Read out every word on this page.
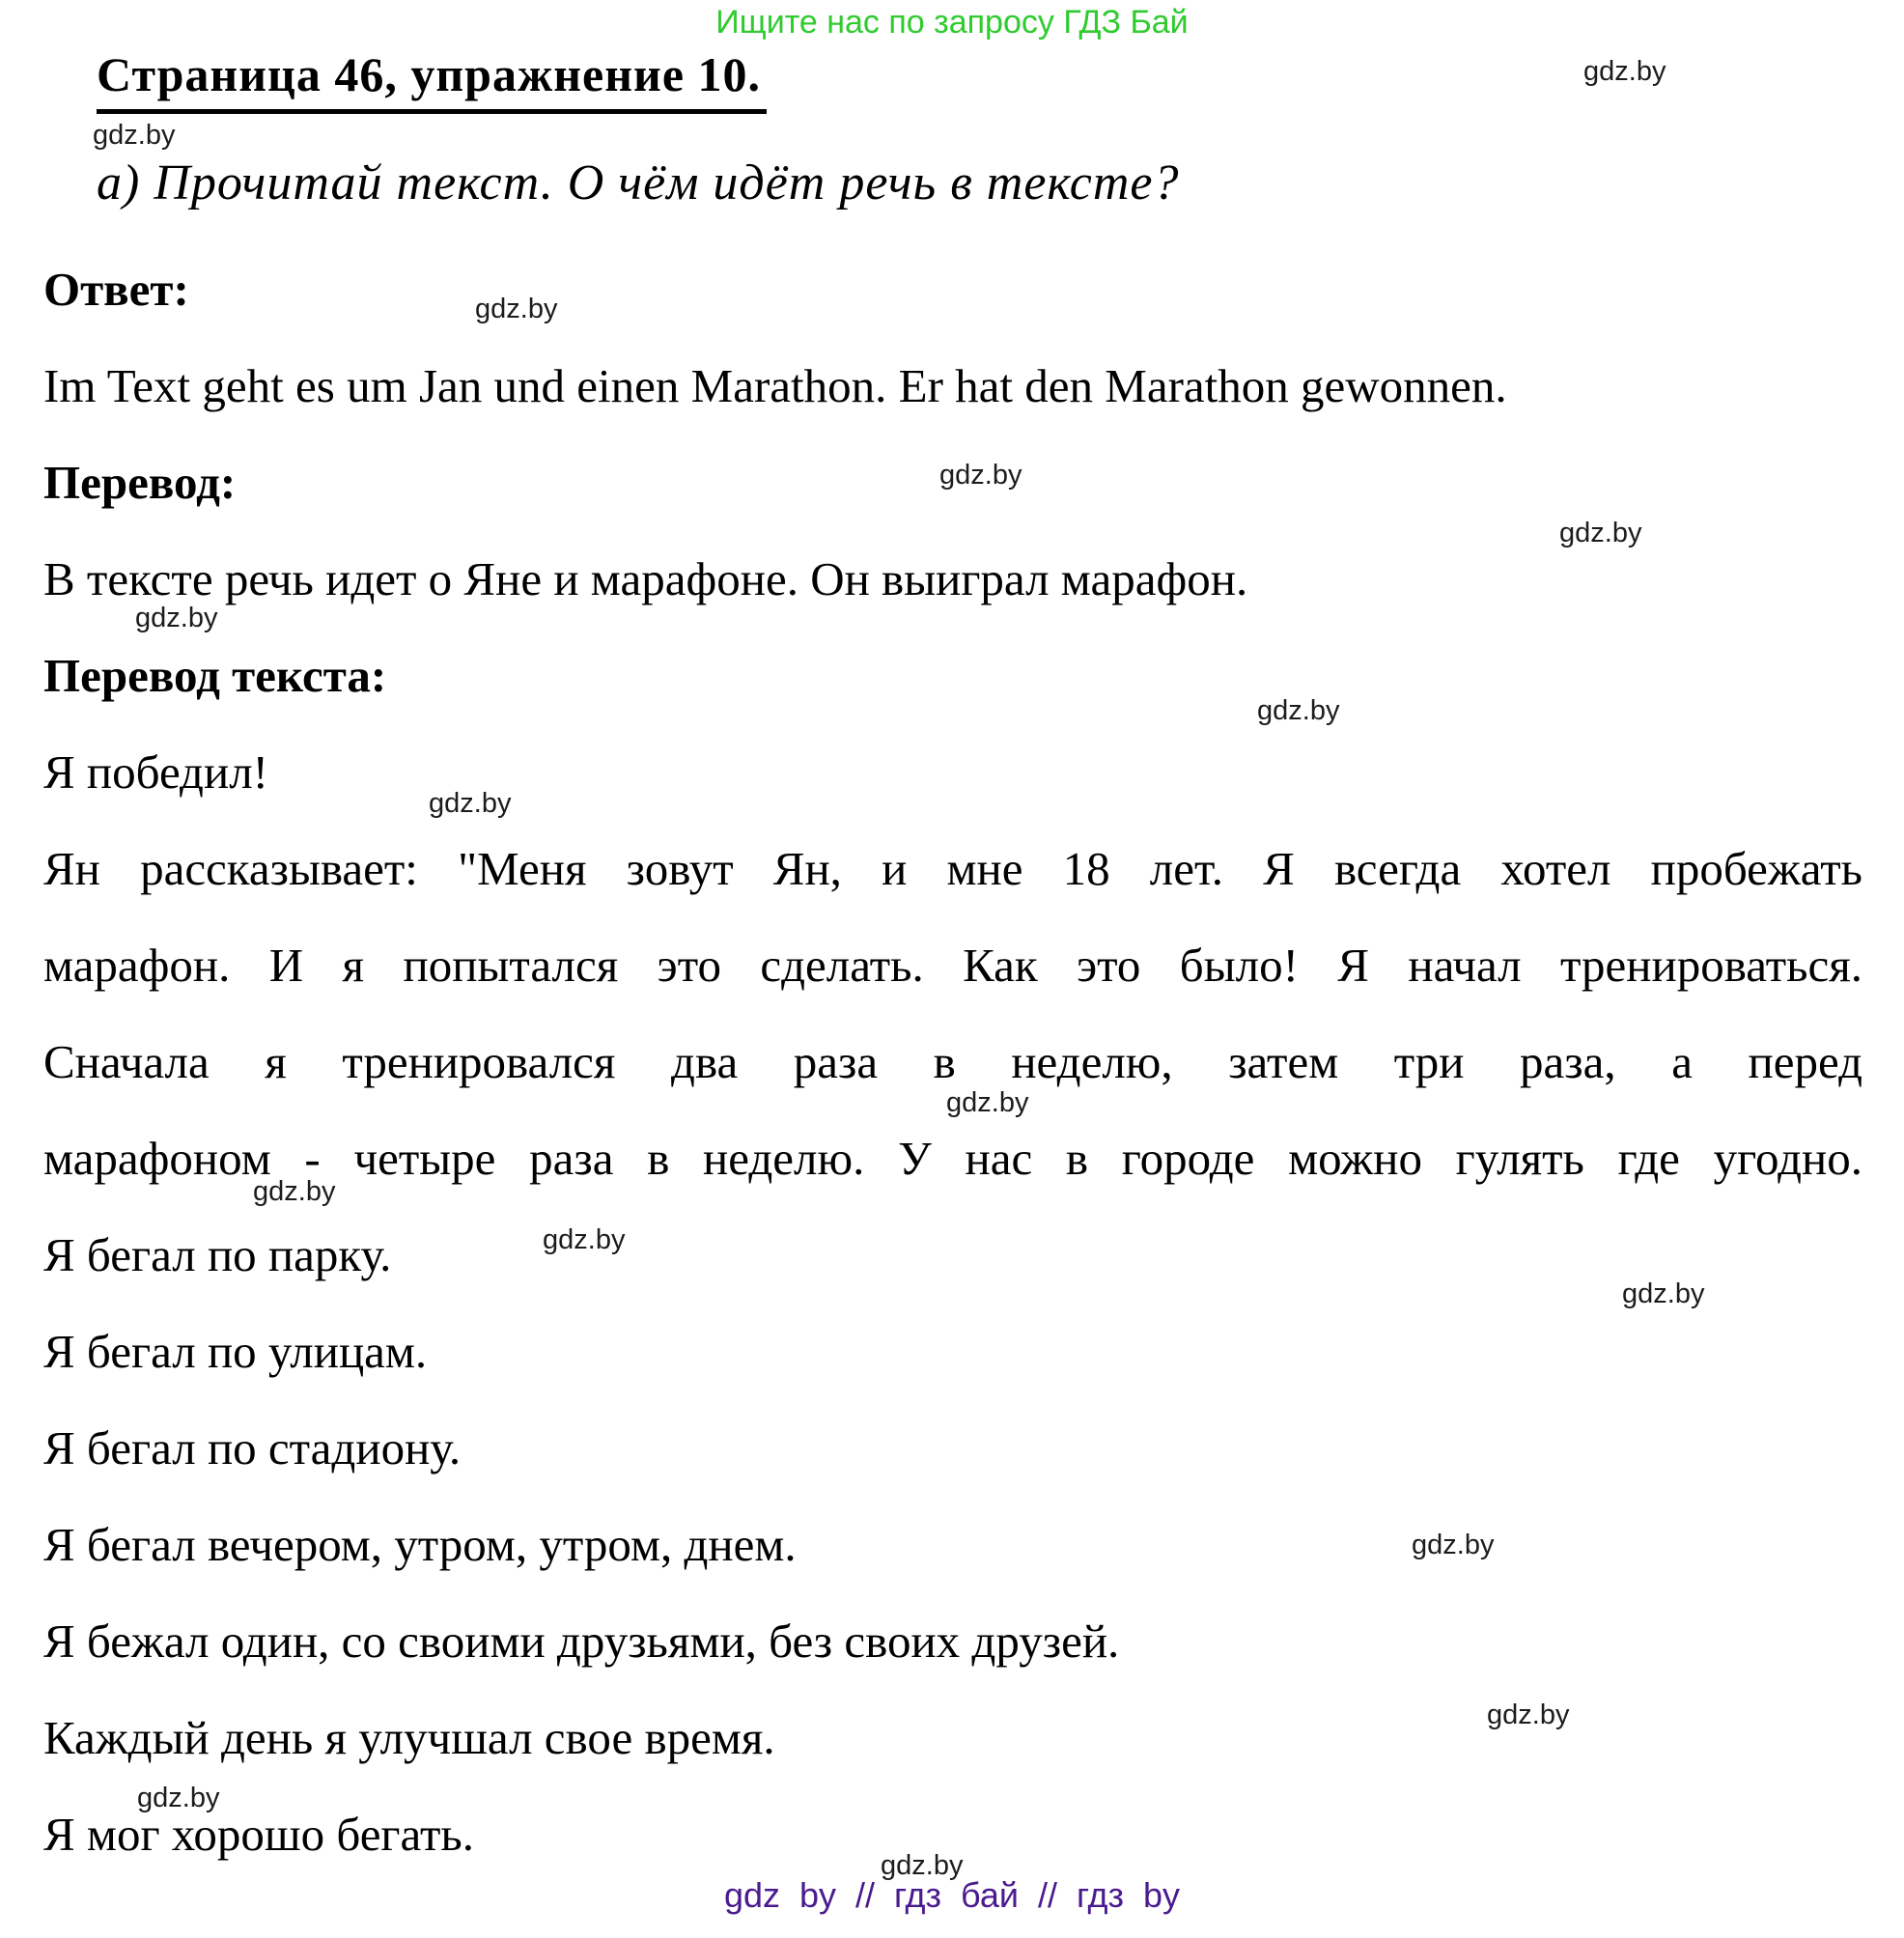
Ищите нас по запросу ГДЗ Бай
gdz.by
gdz.by
gdz.by
gdz.by
gdz.by
gdz.by
gdz.by
gdz.by
gdz.by
gdz.by
gdz.by
gdz.by
gdz.by
gdz.by
gdz.by
gdz.by
Страница 46, упражнение 10.
а) Прочитай текст. О чём идёт речь в тексте?
Ответ:
Im Text geht es um Jan und einen Marathon. Er hat den Marathon gewonnen.
Перевод:
В тексте речь идет о Яне и марафоне. Он выиграл марафон.
Перевод текста:
Я победил!
Ян рассказывает: "Меня зовут Ян, и мне 18 лет. Я всегда хотел пробежать
марафон. И я попытался это сделать. Как это было! Я начал тренироваться.
Сначала я тренировался два раза в неделю, затем три раза, а перед
марафоном - четыре раза в неделю. У нас в городе можно гулять где угодно.
Я бегал по парку.
Я бегал по улицам.
Я бегал по стадиону.
Я бегал вечером, утром, утром, днем.
Я бежал один, со своими друзьями, без своих друзей.
Каждый день я улучшал свое время.
Я мог хорошо бегать.
gdz by // гдз бай // гдз by
